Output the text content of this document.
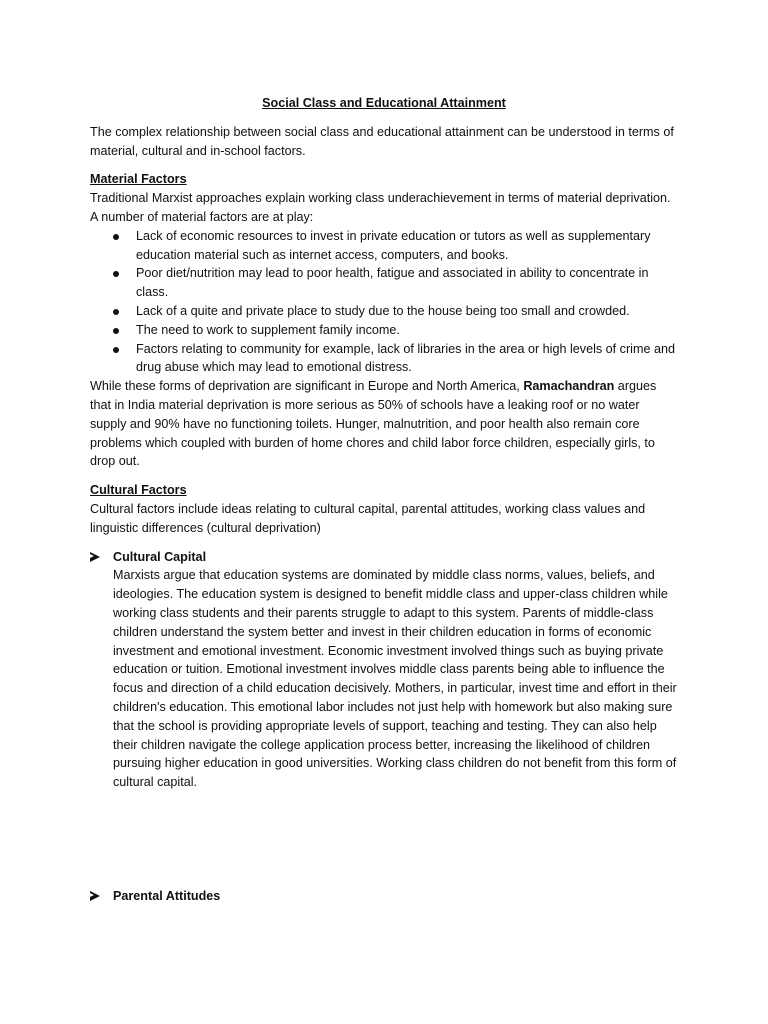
Social Class and Educational Attainment

The complex relationship between social class and educational attainment can be understood in terms of material, cultural and in-school factors.

Material Factors

Traditional Marxist approaches explain working class underachievement in terms of material deprivation. A number of material factors are at play:

Lack of economic resources to invest in private education or tutors as well as supplementary education material such as internet access, computers, and books.
Poor diet/nutrition may lead to poor health, fatigue and associated in ability to concentrate in class.
Lack of a quite and private place to study due to the house being too small and crowded.
The need to work to supplement family income.
Factors relating to community for example, lack of libraries in the area or high levels of crime and drug abuse which may lead to emotional distress.

While these forms of deprivation are significant in Europe and North America, Ramachandran argues that in India material deprivation is more serious as 50% of schools have a leaking roof or no water supply and 90% have no functioning toilets. Hunger, malnutrition, and poor health also remain core problems which coupled with burden of home chores and child labor force children, especially girls, to drop out.

Cultural Factors

Cultural factors include ideas relating to cultural capital, parental attitudes, working class values and linguistic differences (cultural deprivation)

Cultural Capital

Marxists argue that education systems are dominated by middle class norms, values, beliefs, and ideologies. The education system is designed to benefit middle class and upper-class children while working class students and their parents struggle to adapt to this system. Parents of middle-class children understand the system better and invest in their children education in forms of economic investment and emotional investment. Economic investment involved things such as buying private education or tuition. Emotional investment involves middle class parents being able to influence the focus and direction of a child education decisively. Mothers, in particular, invest time and effort in their children's education. This emotional labor includes not just help with homework but also making sure that the school is providing appropriate levels of support, teaching and testing. They can also help their children navigate the college application process better, increasing the likelihood of children pursuing higher education in good universities. Working class children do not benefit from this form of cultural capital.

Parental Attitudes
